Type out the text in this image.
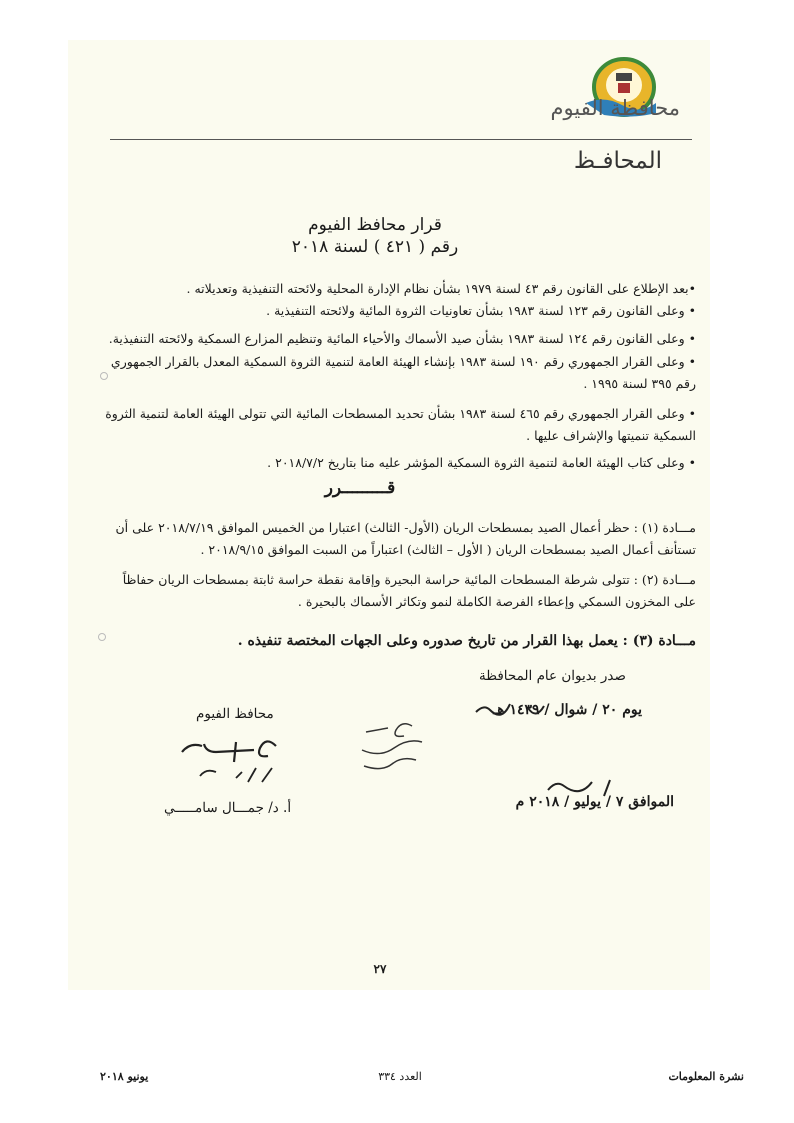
محافظة الفيوم
المحافـظ
قرار محافظ الفيوم
رقم ( ٤٢١ ) لسنة ٢٠١٨

•بعد الإطلاع على القانون رقم ٤٣ لسنة ١٩٧٩ بشأن نظام الإدارة المحلية ولائحته التنفيذية وتعديلاته .

• وعلى القانون رقم ١٢٣ لسنة ١٩٨٣ بشأن تعاونيات الثروة المائية ولائحته التنفيذية .

• وعلى القانون رقم ١٢٤ لسنة ١٩٨٣ بشأن صيد الأسماك والأحياء المائية وتنظيم المزارع السمكية ولائحته التنفيذية.

• وعلى القرار الجمهوري رقم ١٩٠ لسنة ١٩٨٣ بإنشاء الهيئة العامة لتنمية الثروة السمكية المعدل بالقرار الجمهوري رقم ٣٩٥ لسنة ١٩٩٥ .

• وعلى القرار الجمهوري رقم ٤٦٥ لسنة ١٩٨٣ بشأن تحديد المسطحات المائية التي تتولى الهيئة العامة لتنمية الثروة السمكية تنميتها والإشراف عليها .

• وعلى كتاب الهيئة العامة لتنمية الثروة السمكية المؤشر عليه منا بتاريخ ٢٠١٨/٧/٢ .

قـــــــــرر

مـــادة (١) : حظر أعمال الصيد بمسطحات الريان (الأول- الثالث) اعتبارا من الخميس الموافق ٢٠١٨/٧/١٩ على أن تستأنف أعمال الصيد بمسطحات الريان ( الأول – الثالث) اعتباراً من السبت الموافق ٢٠١٨/٩/١٥ .

مـــادة (٢) : تتولى شرطة المسطحات المائية حراسة البحيرة وإقامة نقطة حراسة ثابتة بمسطحات الريان حفاظاً على المخزون السمكي وإعطاء الفرصة الكاملة لنمو وتكاثر الأسماك بالبحيرة .

مـــادة (٣) : يعمل بهذا القرار من تاريخ صدوره وعلى الجهات المختصة تنفيذه .

صدر بديوان عام المحافظة
يوم ٢٠ / شوال / ١٤٣٩ هـ
الموافق ٧ / يوليو / ٢٠١٨ م
محافظ الفيوم
أ. د/ جمـــال سامـــــي
٢٧
نشرة المعلومات
العدد ٣٣٤
يونيو ٢٠١٨
